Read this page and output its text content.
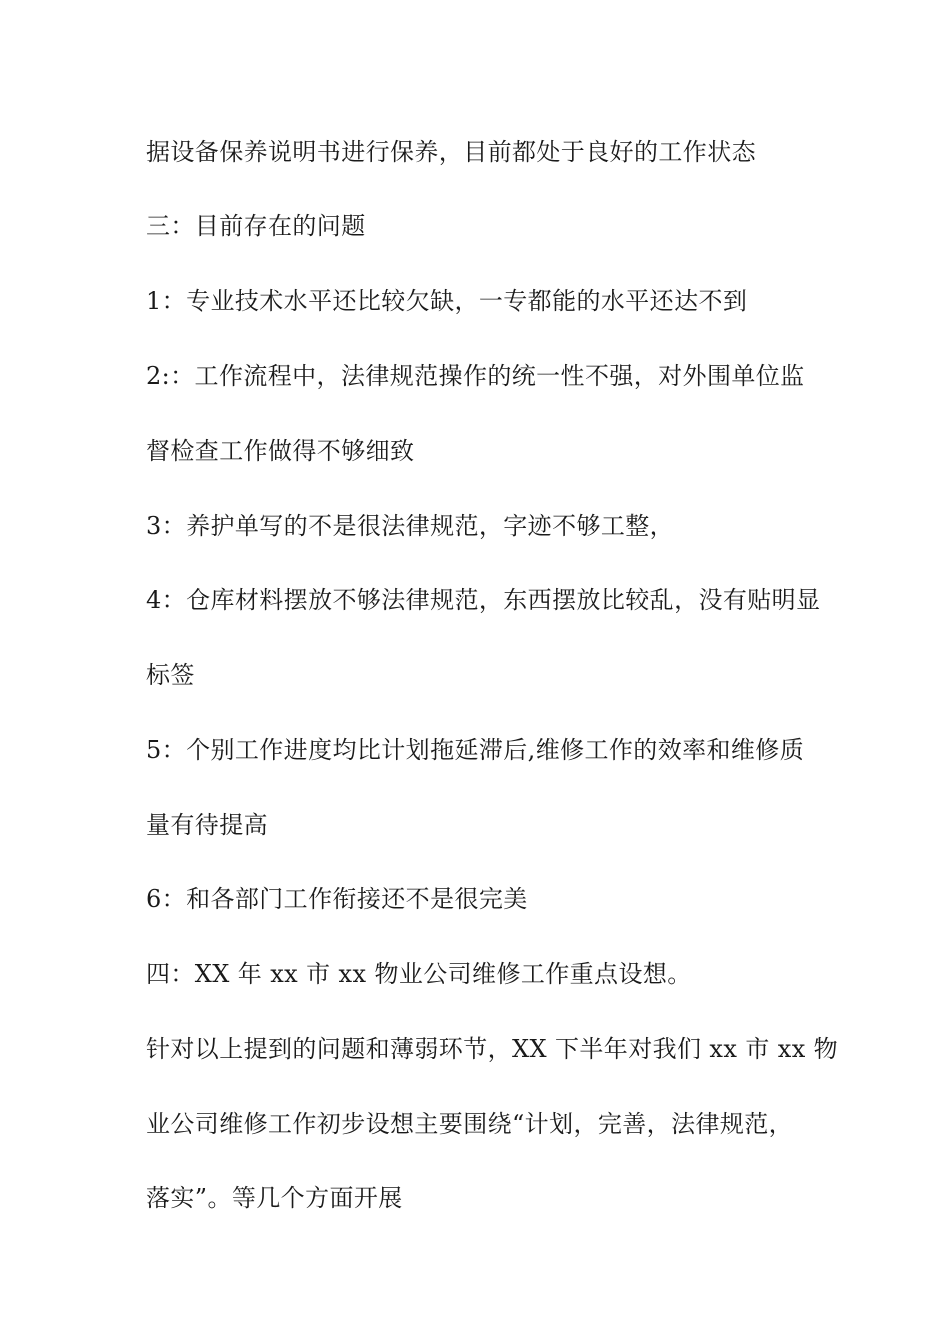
据设备保养说明书进行保养，目前都处于良好的工作状态
三：目前存在的问题
1：专业技术水平还比较欠缺，一专都能的水平还达不到
2:：工作流程中，法律规范操作的统一性不强，对外围单位监
督检查工作做得不够细致
3：养护单写的不是很法律规范，字迹不够工整，
4：仓库材料摆放不够法律规范，东西摆放比较乱，没有贴明显
标签
5：个别工作进度均比计划拖延滞后,维修工作的效率和维修质
量有待提高
6：和各部门工作衔接还不是很完美
四：XX 年 xx 市 xx 物业公司维修工作重点设想。
针对以上提到的问题和薄弱环节，XX 下半年对我们 xx 市 xx 物
业公司维修工作初步设想主要围绕“计划，完善，法律规范，
落实”。等几个方面开展
